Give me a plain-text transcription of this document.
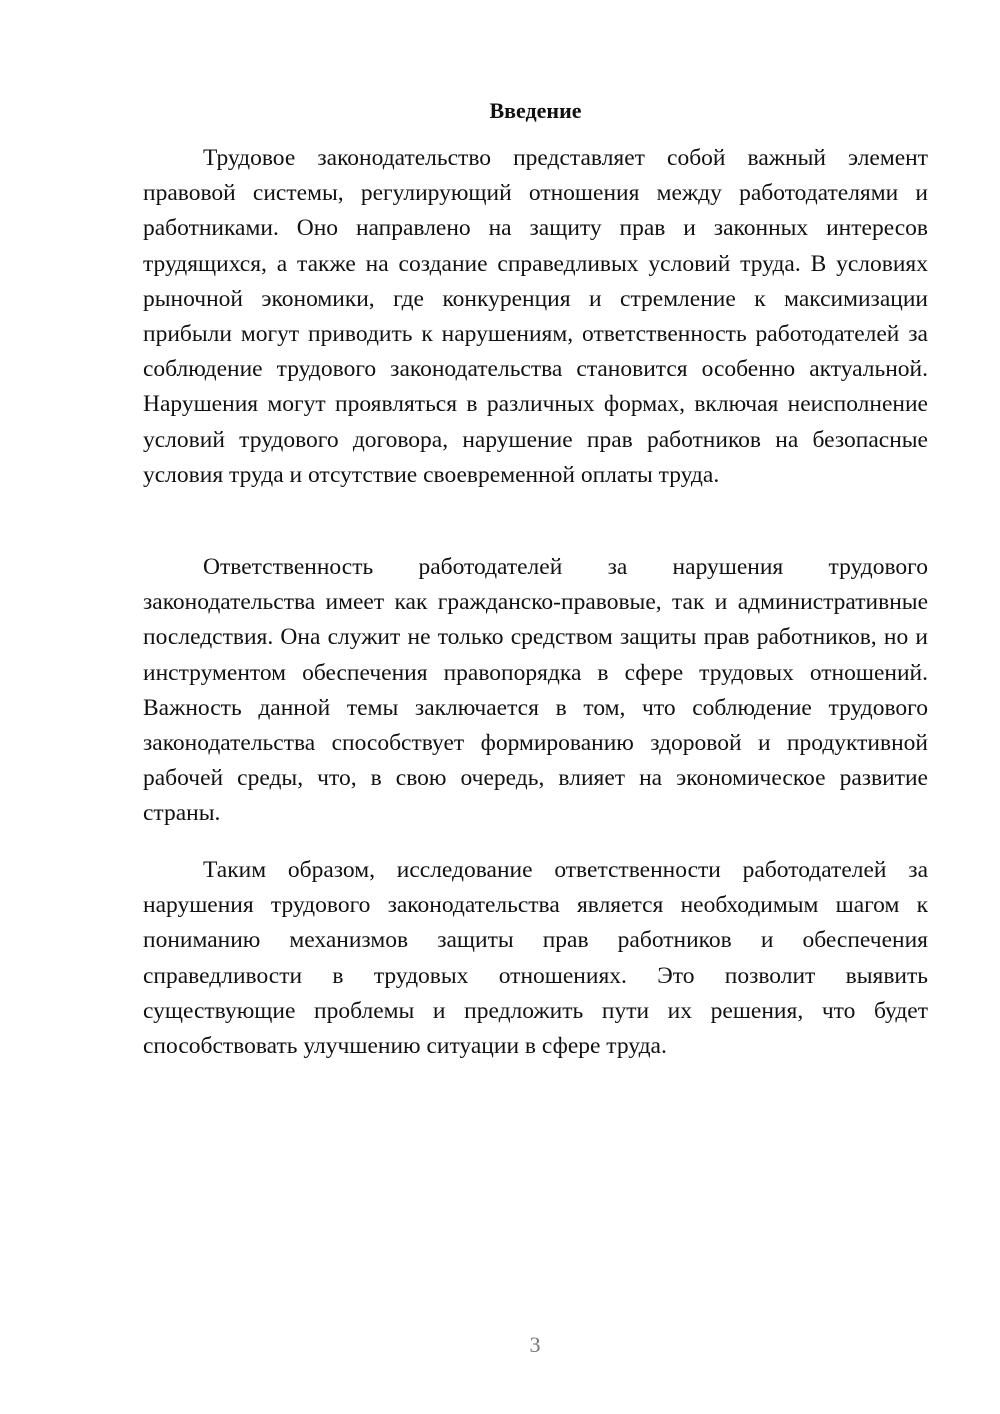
Введение

Трудовое законодательство представляет собой важный элемент правовой системы, регулирующий отношения между работодателями и работниками. Оно направлено на защиту прав и законных интересов трудящихся, а также на создание справедливых условий труда. В условиях рыночной экономики, где конкуренция и стремление к максимизации прибыли могут приводить к нарушениям, ответственность работодателей за соблюдение трудового законодательства становится особенно актуальной. Нарушения могут проявляться в различных формах, включая неисполнение условий трудового договора, нарушение прав работников на безопасные условия труда и отсутствие своевременной оплаты труда.

Ответственность работодателей за нарушения трудового законодательства имеет как гражданско-правовые, так и административные последствия. Она служит не только средством защиты прав работников, но и инструментом обеспечения правопорядка в сфере трудовых отношений. Важность данной темы заключается в том, что соблюдение трудового законодательства способствует формированию здоровой и продуктивной рабочей среды, что, в свою очередь, влияет на экономическое развитие страны.

Таким образом, исследование ответственности работодателей за нарушения трудового законодательства является необходимым шагом к пониманию механизмов защиты прав работников и обеспечения справедливости в трудовых отношениях. Это позволит выявить существующие проблемы и предложить пути их решения, что будет способствовать улучшению ситуации в сфере труда.

3
